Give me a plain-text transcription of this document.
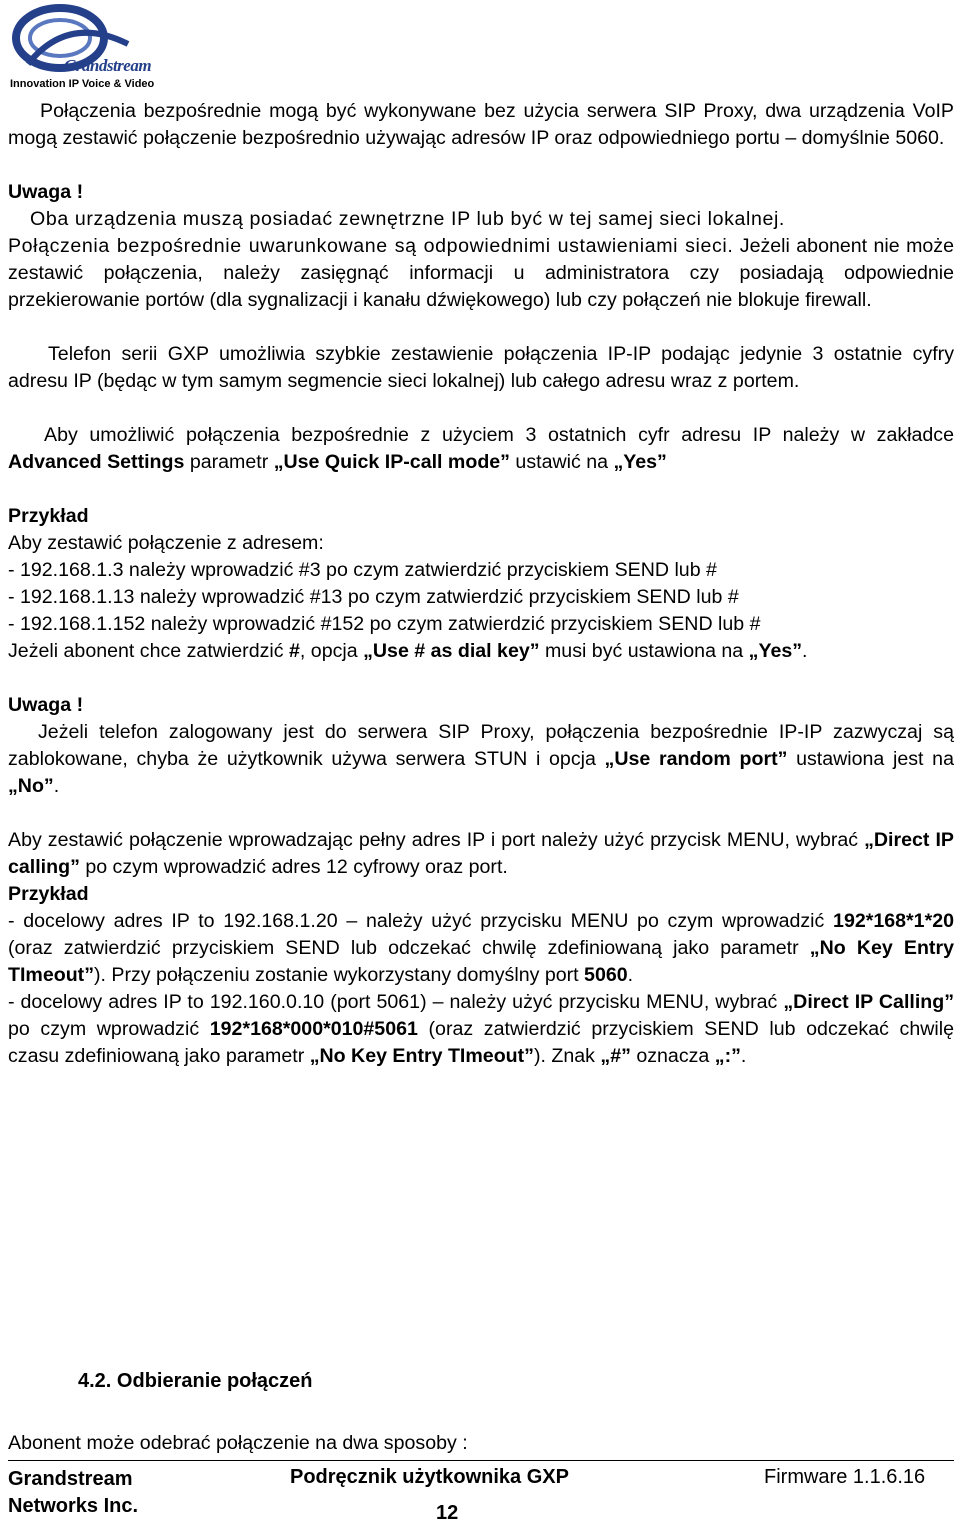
Grandstream
Innovation IP Voice & Video

Połączenia bezpośrednie mogą być wykonywane bez użycia serwera SIP Proxy, dwa urządzenia VoIP mogą zestawić połączenie bezpośrednio używając adresów IP oraz odpowiedniego portu – domyślnie 5060.

Uwaga !

Oba urządzenia muszą posiadać zewnętrzne IP lub być w tej samej sieci lokalnej.

Połączenia bezpośrednie uwarunkowane są odpowiednimi ustawieniami sieci. Jeżeli abonent nie może zestawić połączenia, należy zasięgnąć informacji u administratora czy posiadają odpowiednie przekierowanie portów (dla sygnalizacji i kanału dźwiękowego) lub czy połączeń nie blokuje firewall.

Telefon serii GXP umożliwia szybkie zestawienie połączenia IP-IP podając jedynie 3 ostatnie cyfry adresu IP (będąc w tym samym segmencie sieci lokalnej) lub całego adresu wraz z portem.

Aby umożliwić połączenia bezpośrednie z użyciem 3 ostatnich cyfr adresu IP należy w zakładce Advanced Settings parametr „Use Quick IP-call mode” ustawić na „Yes”

Przykład

Aby zestawić połączenie z adresem:

- 192.168.1.3 należy wprowadzić #3 po czym zatwierdzić przyciskiem SEND lub #

- 192.168.1.13 należy wprowadzić #13 po czym zatwierdzić przyciskiem SEND lub #

- 192.168.1.152 należy wprowadzić #152 po czym zatwierdzić przyciskiem SEND lub #

Jeżeli abonent chce zatwierdzić #, opcja „Use # as dial key” musi być ustawiona na „Yes”.

Uwaga !

Jeżeli telefon zalogowany jest do serwera SIP Proxy, połączenia bezpośrednie IP-IP zazwyczaj są zablokowane, chyba że użytkownik używa serwera STUN i opcja „Use random port” ustawiona jest na „No”.

Aby zestawić połączenie wprowadzając pełny adres IP i port należy użyć przycisk MENU, wybrać „Direct IP calling” po czym wprowadzić adres 12 cyfrowy oraz port.

Przykład

- docelowy adres IP to 192.168.1.20 – należy użyć przycisku MENU po czym wprowadzić 192*168*1*20 (oraz zatwierdzić przyciskiem SEND lub odczekać chwilę zdefiniowaną jako parametr „No Key Entry TImeout”). Przy połączeniu zostanie wykorzystany domyślny port 5060.

- docelowy adres IP to 192.160.0.10 (port 5061) – należy użyć przycisku MENU, wybrać „Direct IP Calling” po czym wprowadzić 192*168*000*010#5061 (oraz zatwierdzić przyciskiem SEND lub odczekać chwilę czasu zdefiniowaną jako parametr „No Key Entry TImeout”). Znak „#” oznacza „:”.

4.2. Odbieranie połączeń
Abonent może odebrać połączenie na dwa sposoby :
Grandstream
Networks Inc.
Podręcznik użytkownika GXP	Firmware 1.1.6.16
12
